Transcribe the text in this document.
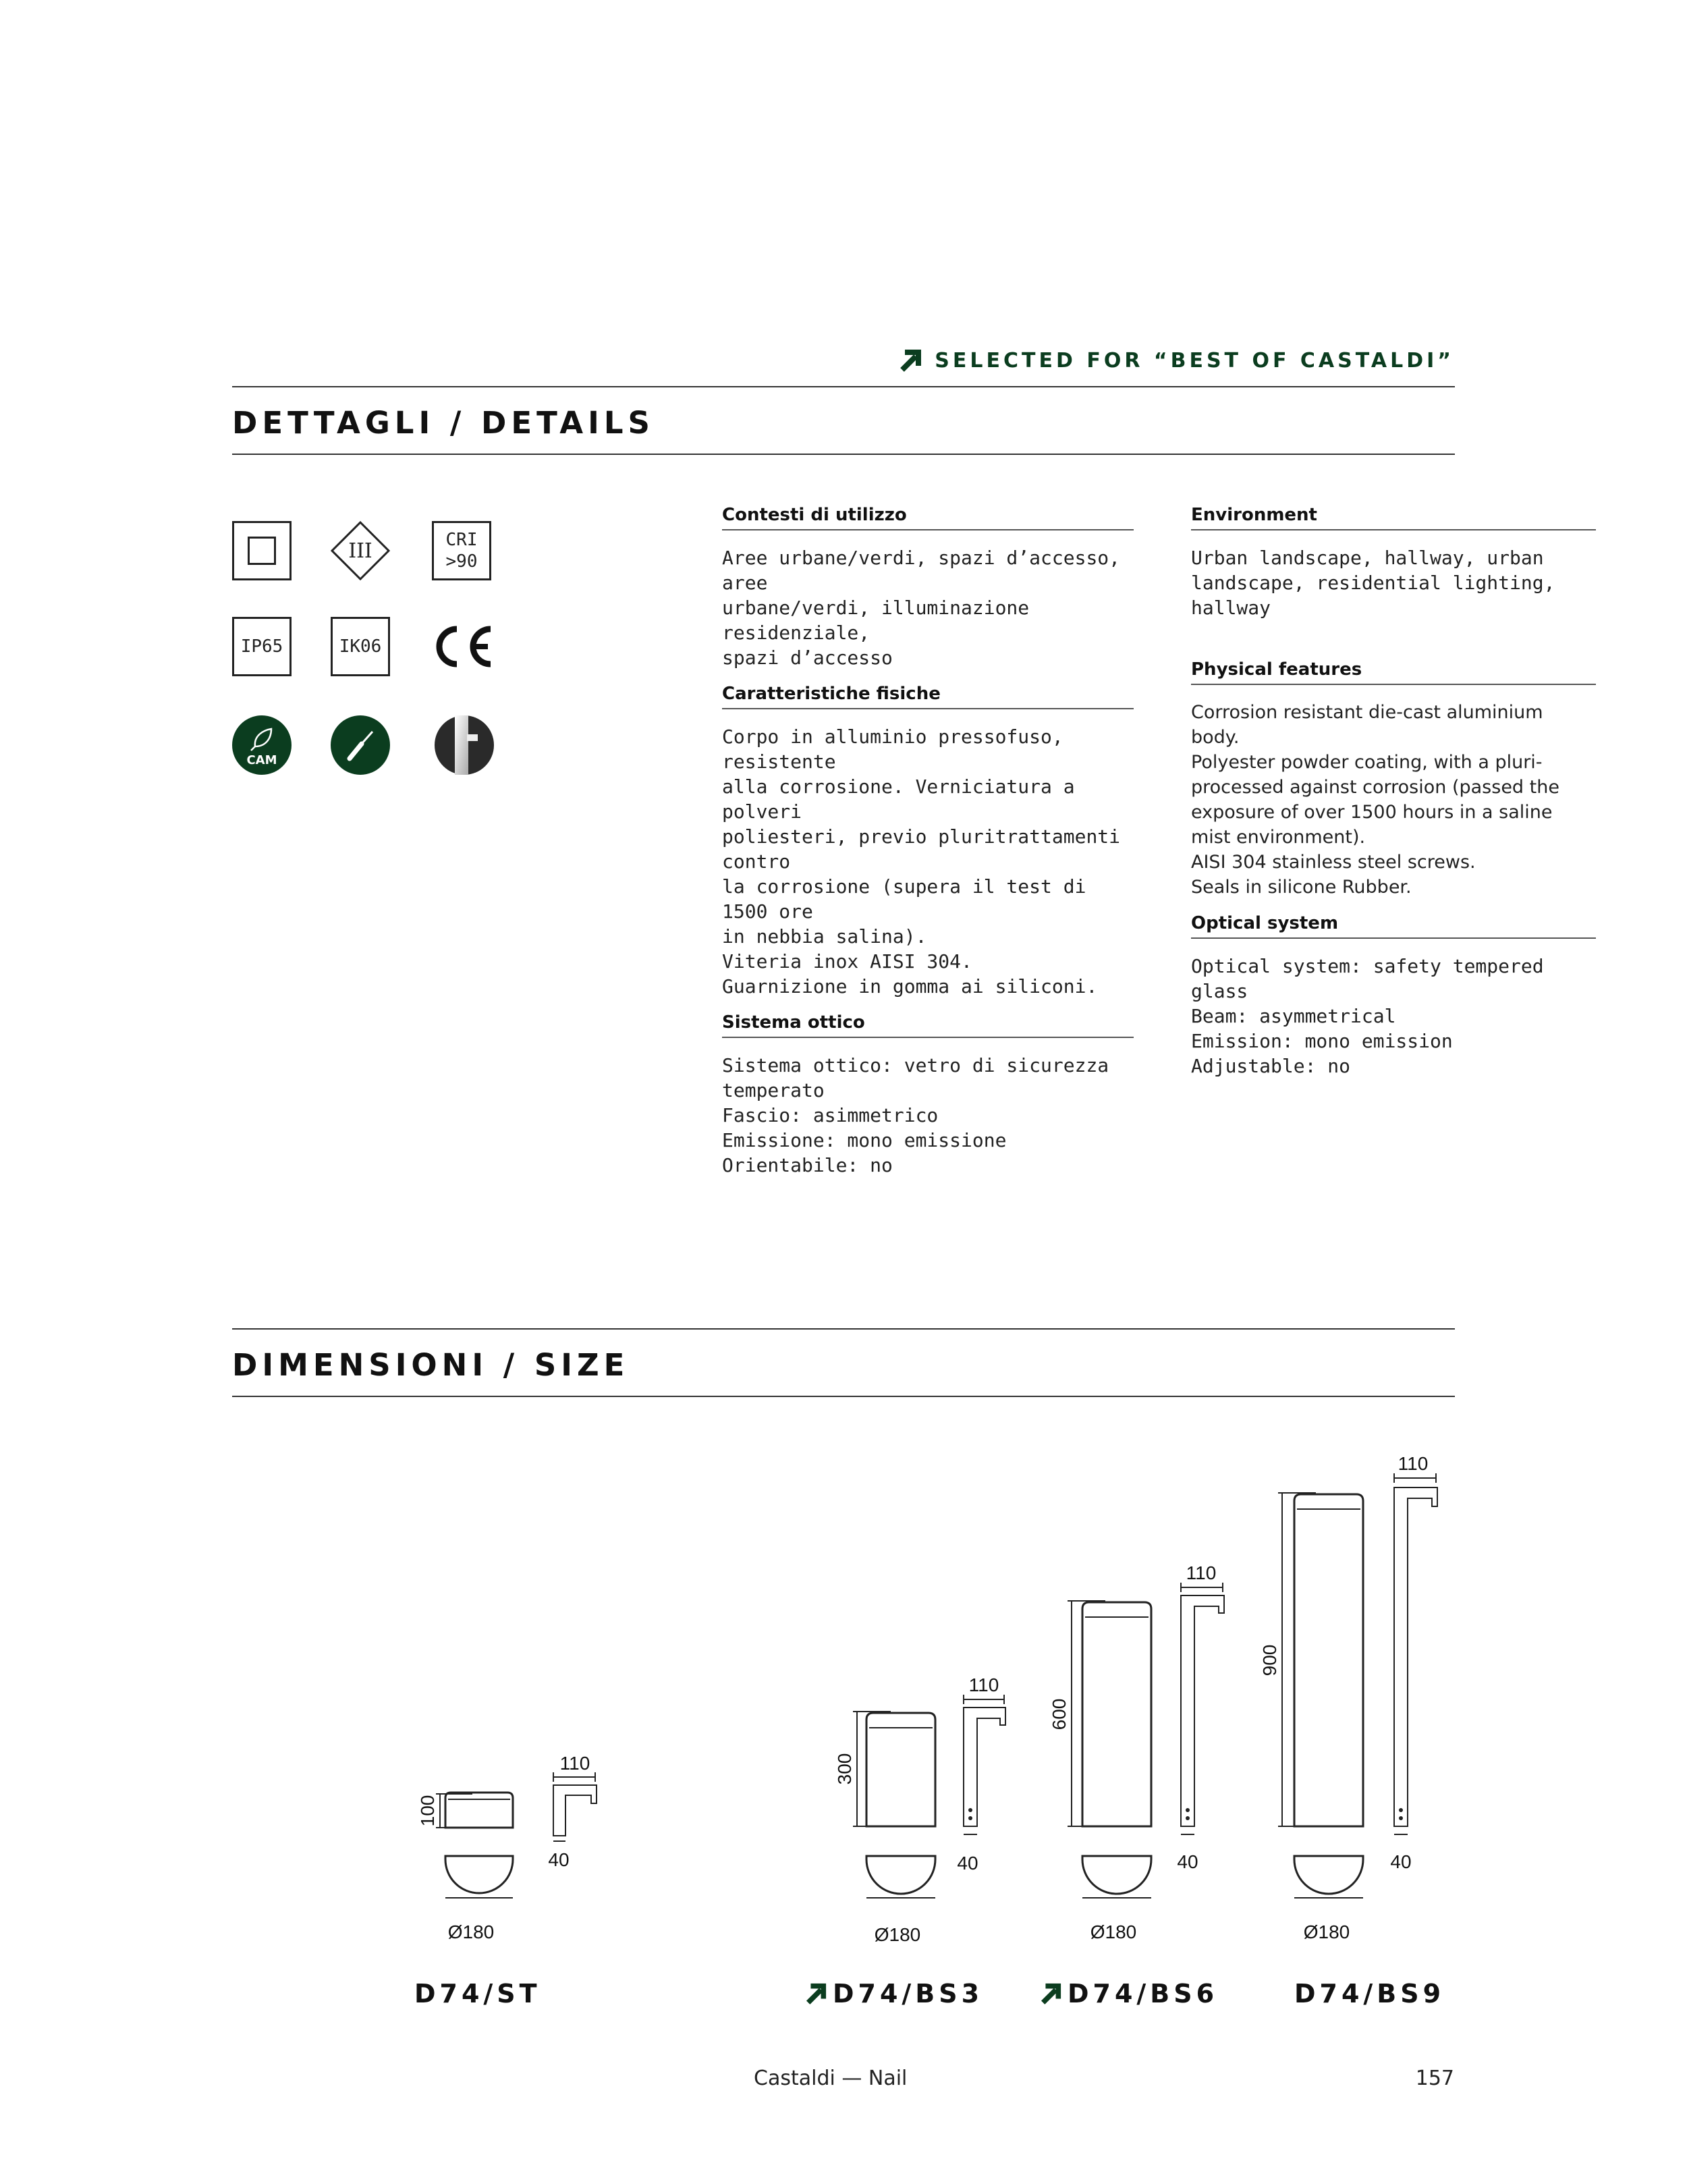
SELECTED FOR “BEST OF CASTALDI”
DETTAGLI / DETAILS
III	CRI
>90
IP65	IK06
CAM
Contesti di utilizzo
Aree urbane/verdi, spazi d’accesso, aree
urbane/verdi, illuminazione residenziale,
spazi d’accesso
Caratteristiche fisiche
Corpo in alluminio pressofuso, resistente
alla corrosione. Verniciatura a polveri
poliesteri, previo pluritrattamenti contro
la corrosione (supera il test di 1500 ore
in nebbia salina).
Viteria inox AISI 304.
Guarnizione in gomma ai siliconi.
Sistema ottico
Sistema ottico: vetro di sicurezza temperato
Fascio: asimmetrico
Emissione: mono emissione
Orientabile: no
Environment
Urban landscape, hallway, urban
landscape, residential lighting, hallway
Physical features
Corrosion resistant die-cast aluminium body.
Polyester powder coating, with a pluri-
processed against corrosion (passed the
exposure of over 1500 hours in a saline
mist environment).
AISI 304 stainless steel screws.
Seals in silicone Rubber.
Optical system
Optical system: safety tempered glass
Beam: asymmetrical
Emission: mono emission
Adjustable: no
DIMENSIONI / SIZE
100
110
40
Ø180
300
110
40
Ø180
600
110
40
Ø180
900
110
40
Ø180
D74/ST	D74/BS3	D74/BS6	D74/BS9
Castaldi — Nail	157
